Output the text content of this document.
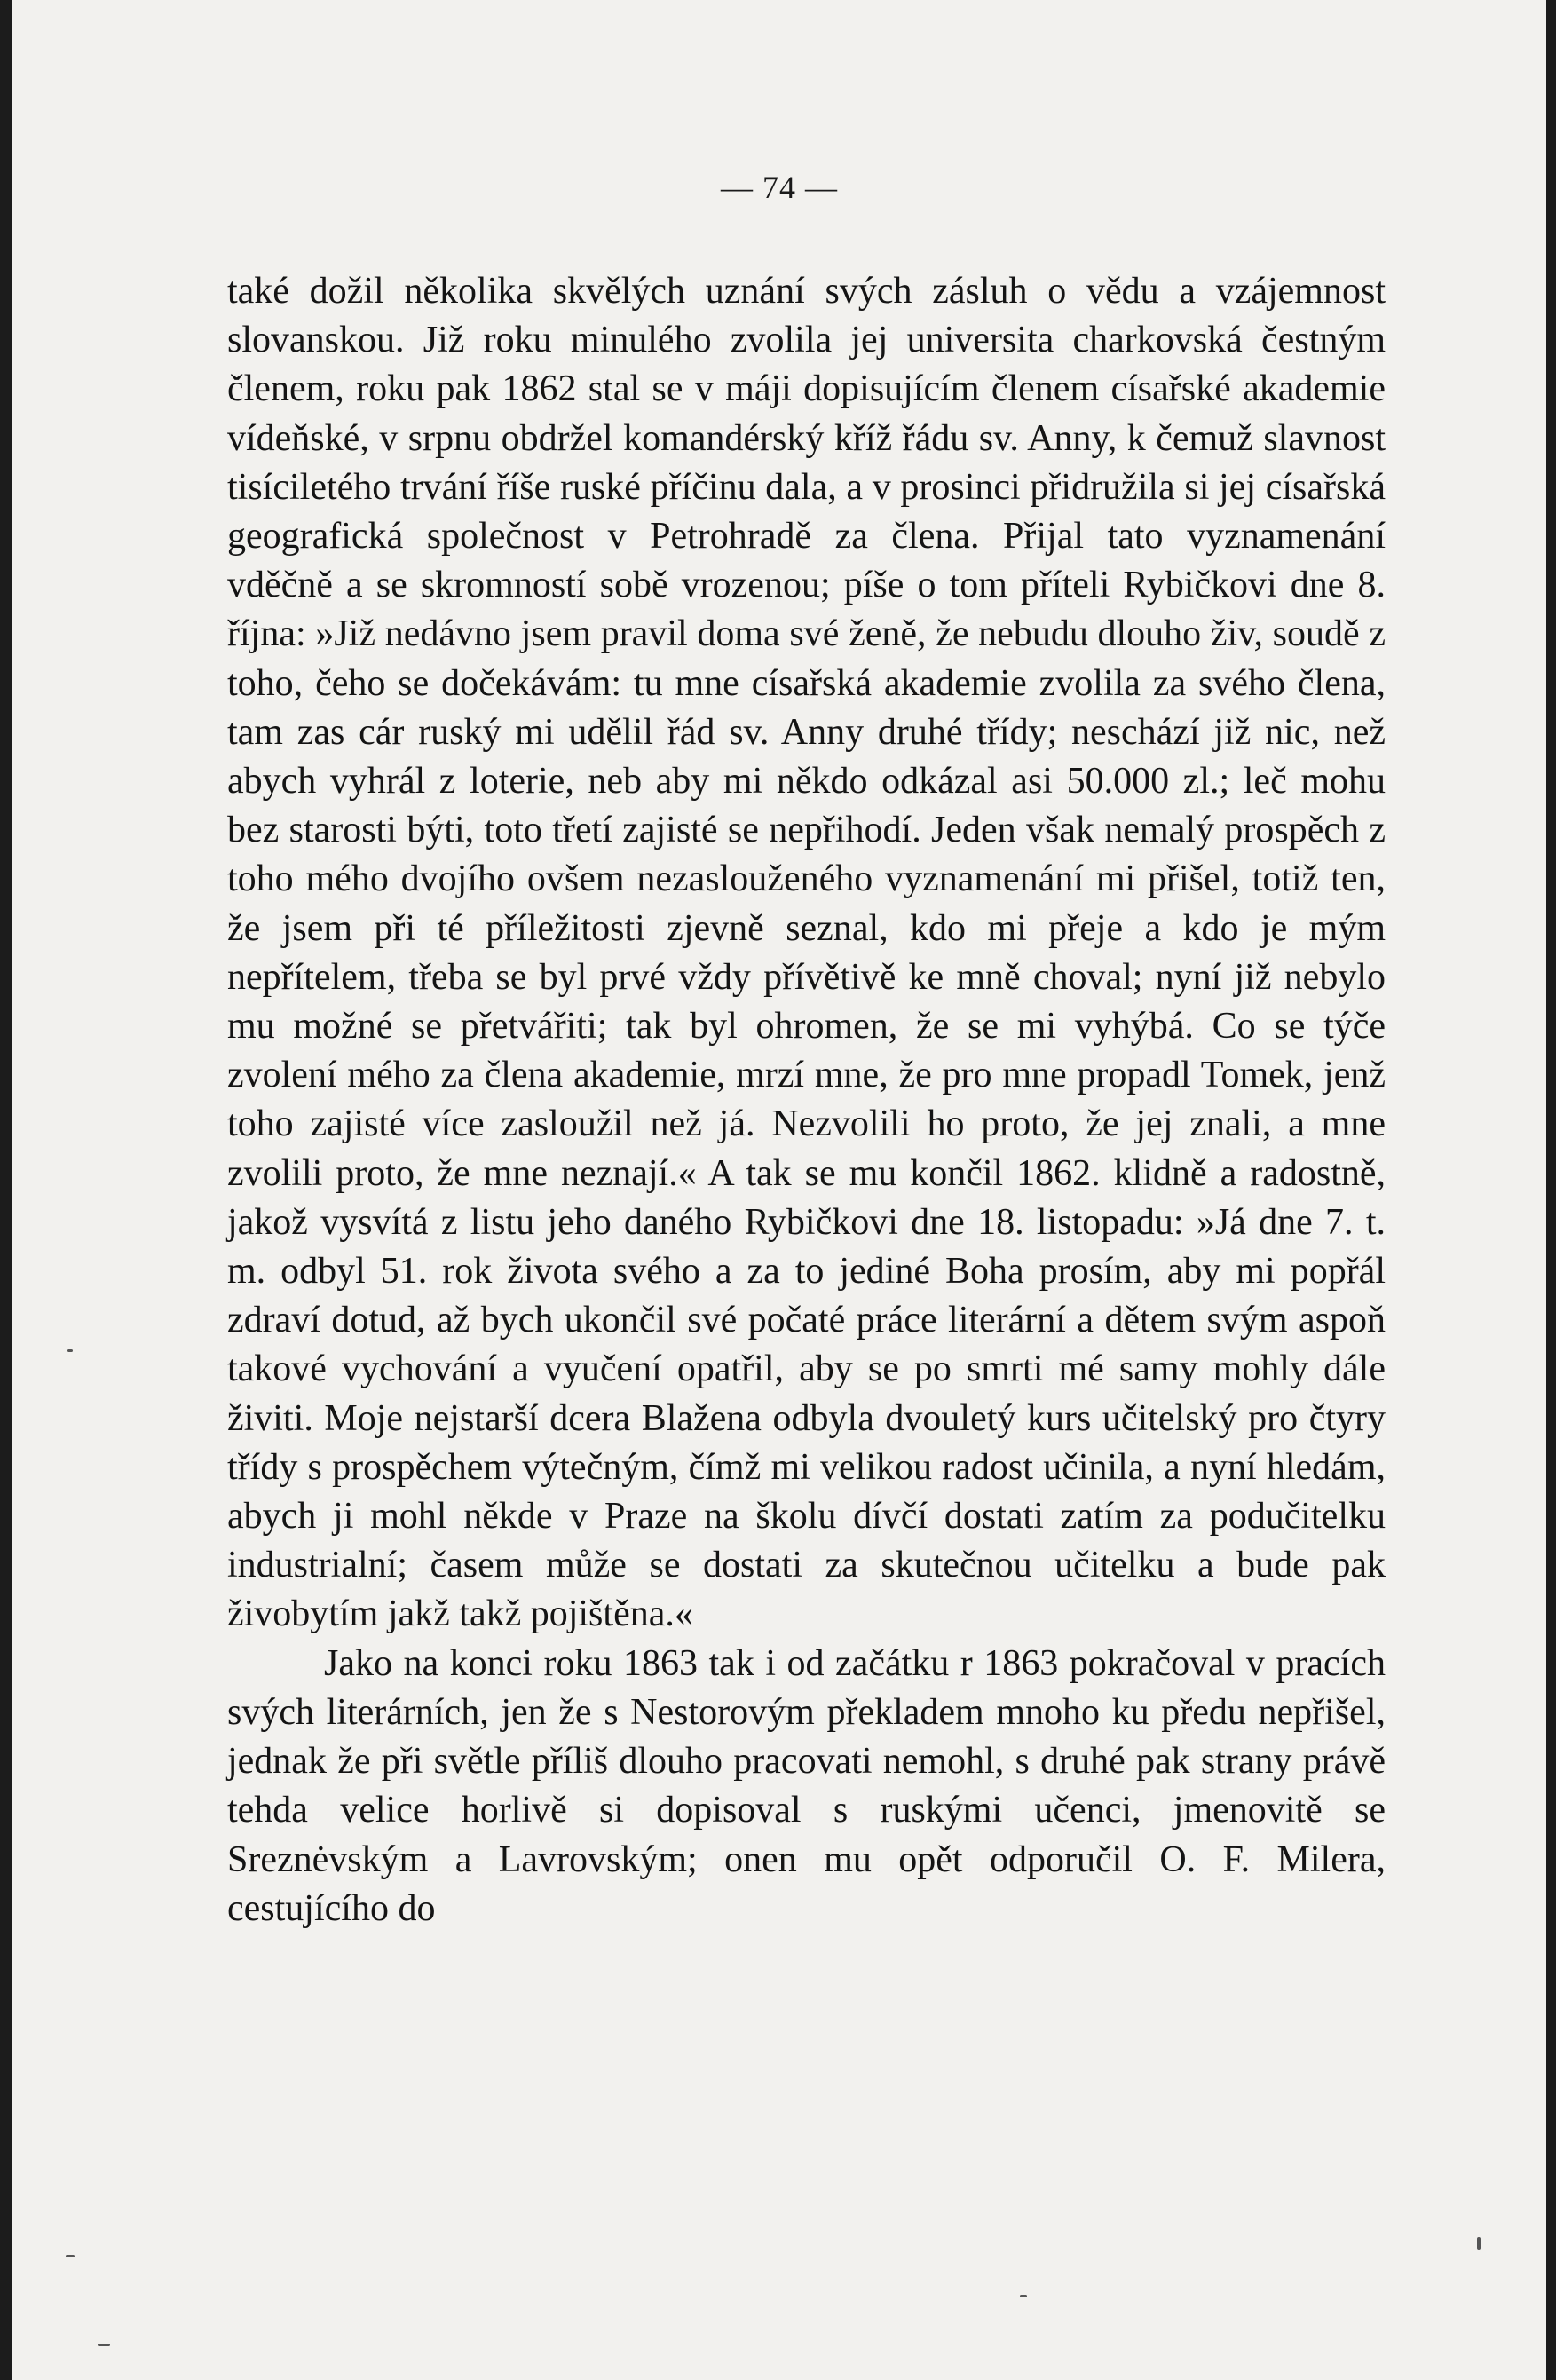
— 74 —

také dožil několika skvělých uznání svých zásluh o vědu a vzájemnost slovanskou. Již roku minulého zvolila jej universita charkovská čestným členem, roku pak 1862 stal se v máji dopisujícím členem císařské akademie vídeňské, v srpnu obdržel komandérský kříž řádu sv. Anny, k čemuž slavnost tisíciletého trvání říše ruské příčinu dala, a v prosinci přidružila si jej císařská geografická společnost v Petrohradě za člena. Přijal tato vyznamenání vděčně a se skromností sobě vrozenou; píše o tom příteli Rybičkovi dne 8. října: »Již nedávno jsem pravil doma své ženě, že nebudu dlouho živ, soudě z toho, čeho se dočekávám: tu mne císařská akademie zvolila za svého člena, tam zas cár ruský mi udělil řád sv. Anny druhé třídy; neschází již nic, než abych vyhrál z loterie, neb aby mi někdo odkázal asi 50.000 zl.; leč mohu bez starosti býti, toto třetí zajisté se nepřihodí. Jeden však nemalý prospěch z toho mého dvojího ovšem nezaslouženého vyznamenání mi přišel, totiž ten, že jsem při té příležitosti zjevně seznal, kdo mi přeje a kdo je mým nepřítelem, třeba se byl prvé vždy přívětivě ke mně choval; nyní již nebylo mu možné se přetvářiti; tak byl ohromen, že se mi vyhýbá. Co se týče zvolení mého za člena akademie, mrzí mne, že pro mne propadl Tomek, jenž toho zajisté více zasloužil než já. Nezvolili ho proto, že jej znali, a mne zvolili proto, že mne neznají.« A tak se mu končil 1862. klidně a radostně, jakož vysvítá z listu jeho daného Rybičkovi dne 18. listopadu: »Já dne 7. t. m. odbyl 51. rok života svého a za to jediné Boha prosím, aby mi popřál zdraví dotud, až bych ukončil své počaté práce literární a dětem svým aspoň takové vychování a vyučení opatřil, aby se po smrti mé samy mohly dále živiti. Moje nejstarší dcera Blažena odbyla dvouletý kurs učitelský pro čtyry třídy s prospěchem výtečným, čímž mi velikou radost učinila, a nyní hledám, abych ji mohl někde v Praze na školu dívčí dostati zatím za podučitelku industrialní; časem může se dostati za skutečnou učitelku a bude pak živobytím jakž takž pojištěna.«

Jako na konci roku 1863 tak i od začátku r 1863 pokračoval v pracích svých literárních, jen že s Nestorovým překladem mnoho ku předu nepřišel, jednak že při světle příliš dlouho pracovati nemohl, s druhé pak strany právě tehda velice horlivě si dopisoval s ruskými učenci, jmenovitě se Sreznėvským a Lavrovským; onen mu opět odporučil O. F. Milera, cestujícího do
